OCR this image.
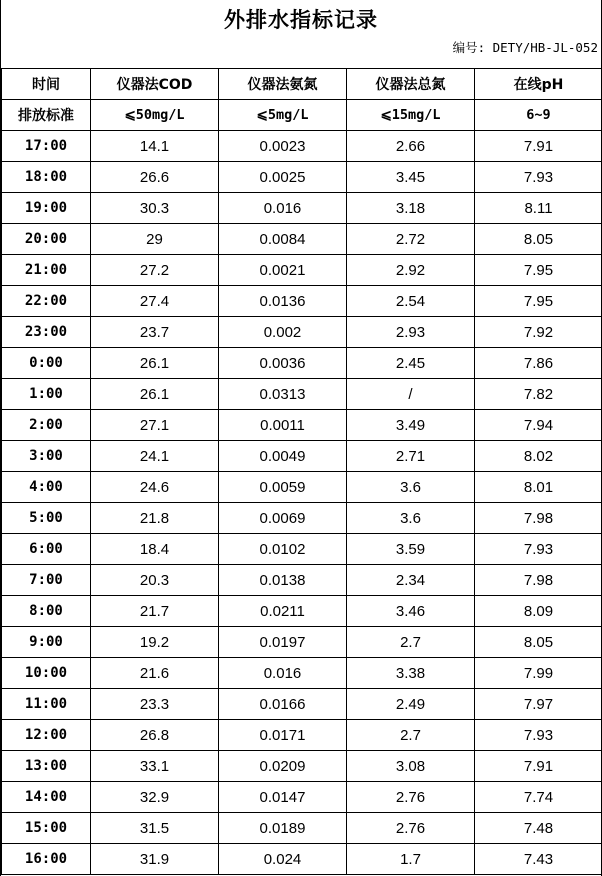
外排水指标记录
编号: DETY/HB-JL-052
时间	仪器法COD	仪器法氨氮	仪器法总氮	在线pH
排放标准	⩽50mg/L	⩽5mg/L	⩽15mg/L	6~9
17:00	14.1	0.0023	2.66	7.91
18:00	26.6	0.0025	3.45	7.93
19:00	30.3	0.016	3.18	8.11
20:00	29	0.0084	2.72	8.05
21:00	27.2	0.0021	2.92	7.95
22:00	27.4	0.0136	2.54	7.95
23:00	23.7	0.002	2.93	7.92
0:00	26.1	0.0036	2.45	7.86
1:00	26.1	0.0313	/	7.82
2:00	27.1	0.0011	3.49	7.94
3:00	24.1	0.0049	2.71	8.02
4:00	24.6	0.0059	3.6	8.01
5:00	21.8	0.0069	3.6	7.98
6:00	18.4	0.0102	3.59	7.93
7:00	20.3	0.0138	2.34	7.98
8:00	21.7	0.0211	3.46	8.09
9:00	19.2	0.0197	2.7	8.05
10:00	21.6	0.016	3.38	7.99
11:00	23.3	0.0166	2.49	7.97
12:00	26.8	0.0171	2.7	7.93
13:00	33.1	0.0209	3.08	7.91
14:00	32.9	0.0147	2.76	7.74
15:00	31.5	0.0189	2.76	7.48
16:00	31.9	0.024	1.7	7.43
